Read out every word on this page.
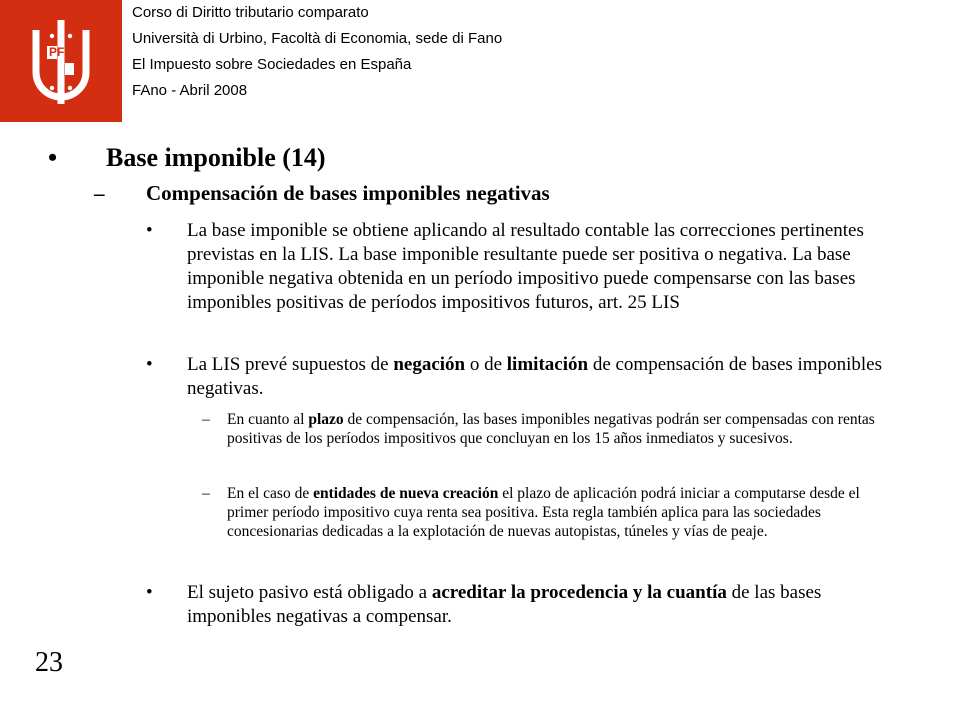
PF
Corso di Diritto tributario comparato
Università di Urbino, Facoltà di Economia, sede di Fano
El Impuesto sobre Sociedades en España
FAno - Abril 2008
• Base imponible (14)
– Compensación de bases imponibles negativas
• La base imponible se obtiene aplicando al resultado contable las correcciones pertinentes previstas en la LIS. La base imponible resultante puede ser positiva o negativa. La base imponible negativa obtenida en un período impositivo puede compensarse con las bases imponibles positivas de períodos impositivos futuros, art. 25 LIS
• La LIS prevé supuestos de negación o de limitación de compensación de bases imponibles negativas.
– En cuanto al plazo de compensación, las bases imponibles negativas podrán ser compensadas con rentas positivas de los períodos impositivos que concluyan en los 15 años inmediatos y sucesivos.
– En el caso de entidades de nueva creación el plazo de aplicación podrá iniciar a computarse desde el primer período impositivo cuya renta sea positiva. Esta regla también aplica para las sociedades concesionarias dedicadas a la explotación de nuevas autopistas, túneles y vías de peaje.
• El sujeto pasivo está obligado a acreditar la procedencia y la cuantía de las bases imponibles negativas a compensar.
23
